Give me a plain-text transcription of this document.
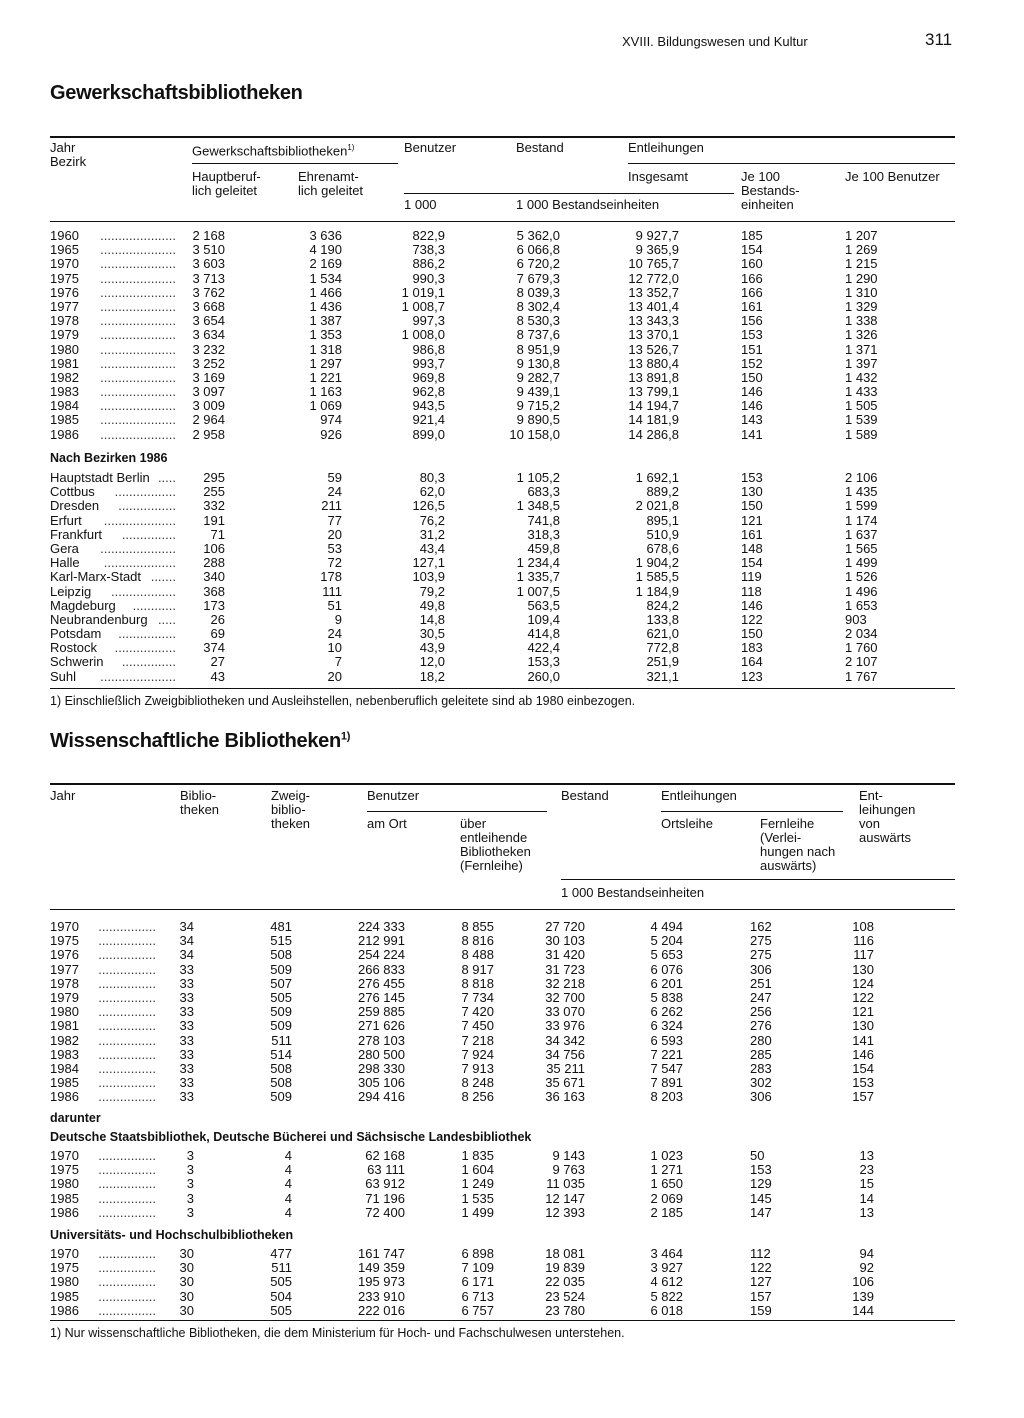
XVIII. Bildungswesen und Kultur	311
Gewerkschaftsbibliotheken
Jahr
Bezirk
Gewerkschaftsbibliotheken$^{1)}$
Hauptberuf-
lich geleitet
Ehrenamt-
lich geleitet
Benutzer	Bestand	Entleihungen
Insgesamt	Je 100
Bestands-
einheiten
Je 100 Benutzer
1 000	1 000 Bestandseinheiten
1960	..................... 2 168	3 636	822,9	5 362,0	9 927,7	185	1 207
1965	..................... 3 510	4 190	738,3	6 066,8	9 365,9	154	1 269
1970	..................... 3 603	2 169	886,2	6 720,2	10 765,7	160	1 215
1975	..................... 3 713	1 534	990,3	7 679,3	12 772,0	166	1 290
1976	..................... 3 762	1 466	1 019,1	8 039,3	13 352,7	166	1 310
1977	..................... 3 668	1 436	1 008,7	8 302,4	13 401,4	161	1 329
1978	..................... 3 654	1 387	997,3	8 530,3	13 343,3	156	1 338
1979	..................... 3 634	1 353	1 008,0	8 737,6	13 370,1	153	1 326
1980	..................... 3 232	1 318	986,8	8 951,9	13 526,7	151	1 371
1981	..................... 3 252	1 297	993,7	9 130,8	13 880,4	152	1 397
1982	..................... 3 169	1 221	969,8	9 282,7	13 891,8	150	1 432
1983	..................... 3 097	1 163	962,8	9 439,1	13 799,1	146	1 433
1984	..................... 3 009	1 069	943,5	9 715,2	14 194,7	146	1 505
1985	..................... 2 964	974	921,4	9 890,5	14 181,9	143	1 539
1986	..................... 2 958	926	899,0	10 158,0	14 286,8	141	1 589
Nach Bezirken 1986
Hauptstadt Berlin ..... 295	59	80,3	1 105,2	1 692,1	153	2 106
Cottbus	................. 255	24	62,0	683,3	889,2	130	1 435
Dresden	................ 332	211	126,5	1 348,5	2 021,8	150	1 599
Erfurt	.................... 191	77	76,2	741,8	895,1	121	1 174
Frankfurt	...............	71	20	31,2	318,3	510,9	161	1 637
Gera	..................... 106	53	43,4	459,8	678,6	148	1 565
Halle	.................... 288	72	127,1	1 234,4	1 904,2	154	1 499
Karl-Marx-Stadt ....... 340	178	103,9	1 335,7	1 585,5	119	1 526
Leipzig	.................. 368	111	79,2	1 007,5	1 184,9	118	1 496
Magdeburg	............ 173	51	49,8	563,5	824,2	146	1 653
Neubrandenburg .....	26	9	14,8	109,4	133,8	122	903
Potsdam	................	69	24	30,5	414,8	621,0	150	2 034
Rostock	................. 374	10	43,9	422,4	772,8	183	1 760
Schwerin	...............	27	7	12,0	153,3	251,9	164	2 107
Suhl	.....................	43	20	18,2	260,0	321,1	123	1 767
1) Einschließlich Zweigbibliotheken und Ausleihstellen, nebenberuflich geleitete sind ab 1980 einbezogen.
Wissenschaftliche Bibliotheken$^{1)}$
Jahr	Biblio-
theken
Zweig-
biblio-
theken
Benutzer
am Ort	über
entleihende
Bibliotheken
(Fernleihe)
Bestand	Entleihungen
Ortsleihe	Fernleihe
(Verlei-
hungen nach
auswärts)
Ent-
leihungen
von
auswärts
1 000 Bestandseinheiten
1970	................ 34	481	224 333	8 855	27 720	4 494	162	108
1975	................ 34	515	212 991	8 816	30 103	5 204	275	116
1976	................ 34	508	254 224	8 488	31 420	5 653	275	117
1977	................ 33	509	266 833	8 917	31 723	6 076	306	130
1978	................ 33	507	276 455	8 818	32 218	6 201	251	124
1979	................ 33	505	276 145	7 734	32 700	5 838	247	122
1980	................ 33	509	259 885	7 420	33 070	6 262	256	121
1981	................ 33	509	271 626	7 450	33 976	6 324	276	130
1982	................ 33	511	278 103	7 218	34 342	6 593	280	141
1983	................ 33	514	280 500	7 924	34 756	7 221	285	146
1984	................ 33	508	298 330	7 913	35 211	7 547	283	154
1985	................ 33	508	305 106	8 248	35 671	7 891	302	153
1986	................ 33	509	294 416	8 256	36 163	8 203	306	157
darunter
Deutsche Staatsbibliothek, Deutsche Bücherei und Sächsische Landesbibliothek
1970	................ 3	4	62 168	1 835	9 143	1 023	50	13
1975	................ 3	4	63 111	1 604	9 763	1 271	153	23
1980	................ 3	4	63 912	1 249	11 035	1 650	129	15
1985	................ 3	4	71 196	1 535	12 147	2 069	145	14
1986	................ 3	4	72 400	1 499	12 393	2 185	147	13
Universitäts- und Hochschulbibliotheken
1970	................ 30	477	161 747	6 898	18 081	3 464	112	94
1975	................ 30	511	149 359	7 109	19 839	3 927	122	92
1980	................ 30	505	195 973	6 171	22 035	4 612	127	106
1985	................ 30	504	233 910	6 713	23 524	5 822	157	139
1986	................ 30	505	222 016	6 757	23 780	6 018	159	144
1) Nur wissenschaftliche Bibliotheken, die dem Ministerium für Hoch- und Fachschulwesen unterstehen.
